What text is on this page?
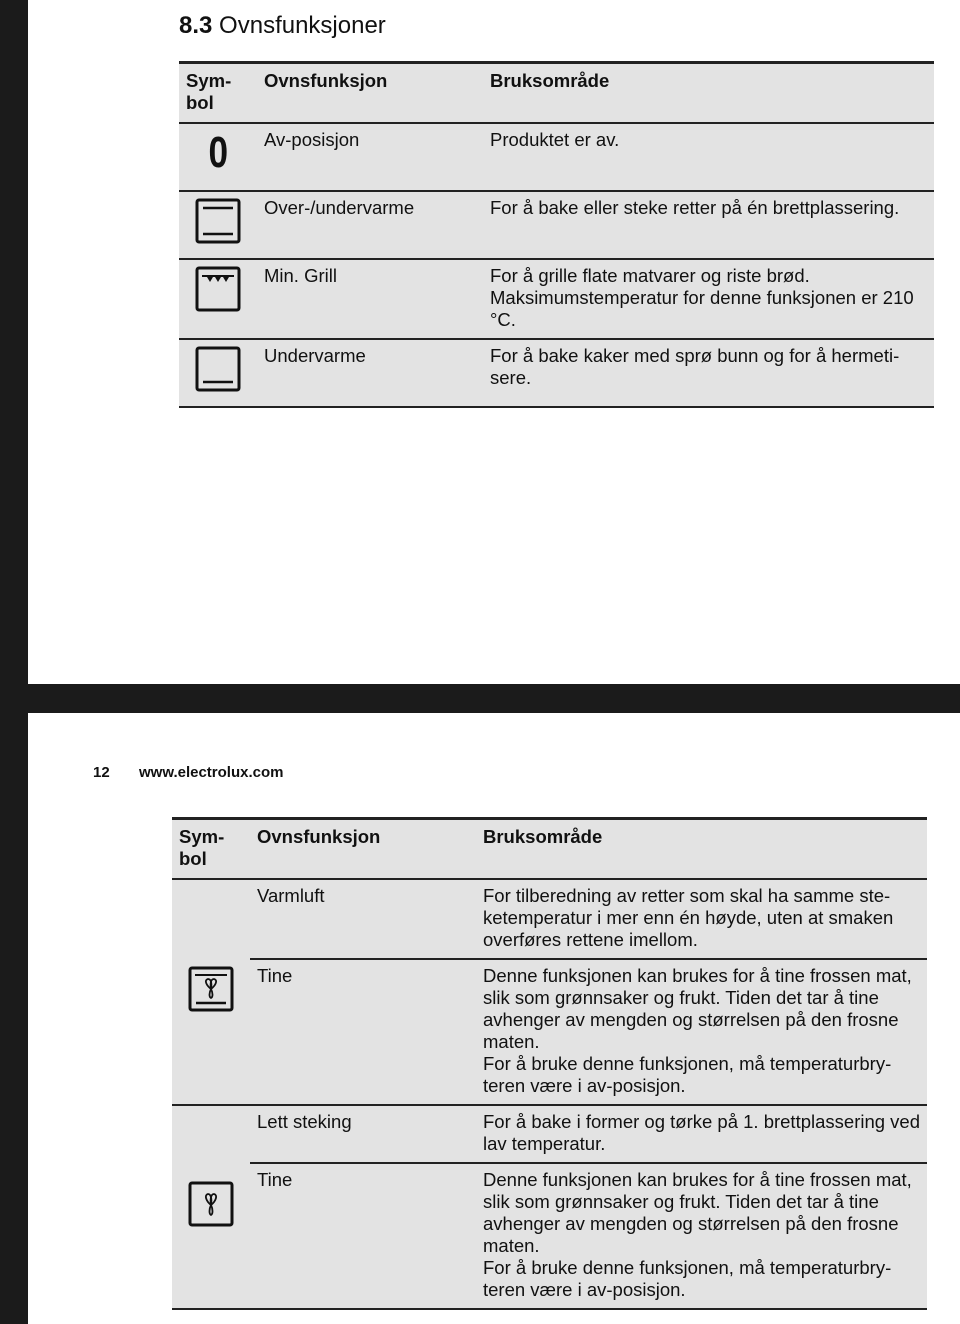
8.3 Ovnsfunksjoner
Sym-
bol	Ovnsfunksjon	Bruksområde
0	Av-posisjon	Produktet er av.
	Over-/undervarme	For å bake eller steke retter på én brettplassering.
	Min. Grill	For å grille flate matvarer og riste brød. Maksimumstemperatur for denne funksjonen er 210 °C.
	Undervarme	For å bake kaker med sprø bunn og for å hermeti-sere.
12 www.electrolux.com
Sym-
bol	Ovnsfunksjon	Bruksområde
	Varmluft	For tilberedning av retter som skal ha samme ste-ketemperatur i mer enn én høyde, uten at smaken overføres rettene imellom.
	Tine	Denne funksjonen kan brukes for å tine frossen mat, slik som grønnsaker og frukt. Tiden det tar å tine avhenger av mengden og størrelsen på den frosne maten.
For å bruke denne funksjonen, må temperaturbry-teren være i av-posisjon.
	Lett steking	For å bake i former og tørke på 1. brettplassering ved lav temperatur.
	Tine	Denne funksjonen kan brukes for å tine frossen mat, slik som grønnsaker og frukt. Tiden det tar å tine avhenger av mengden og størrelsen på den frosne maten.
For å bruke denne funksjonen, må temperaturbry-teren være i av-posisjon.
